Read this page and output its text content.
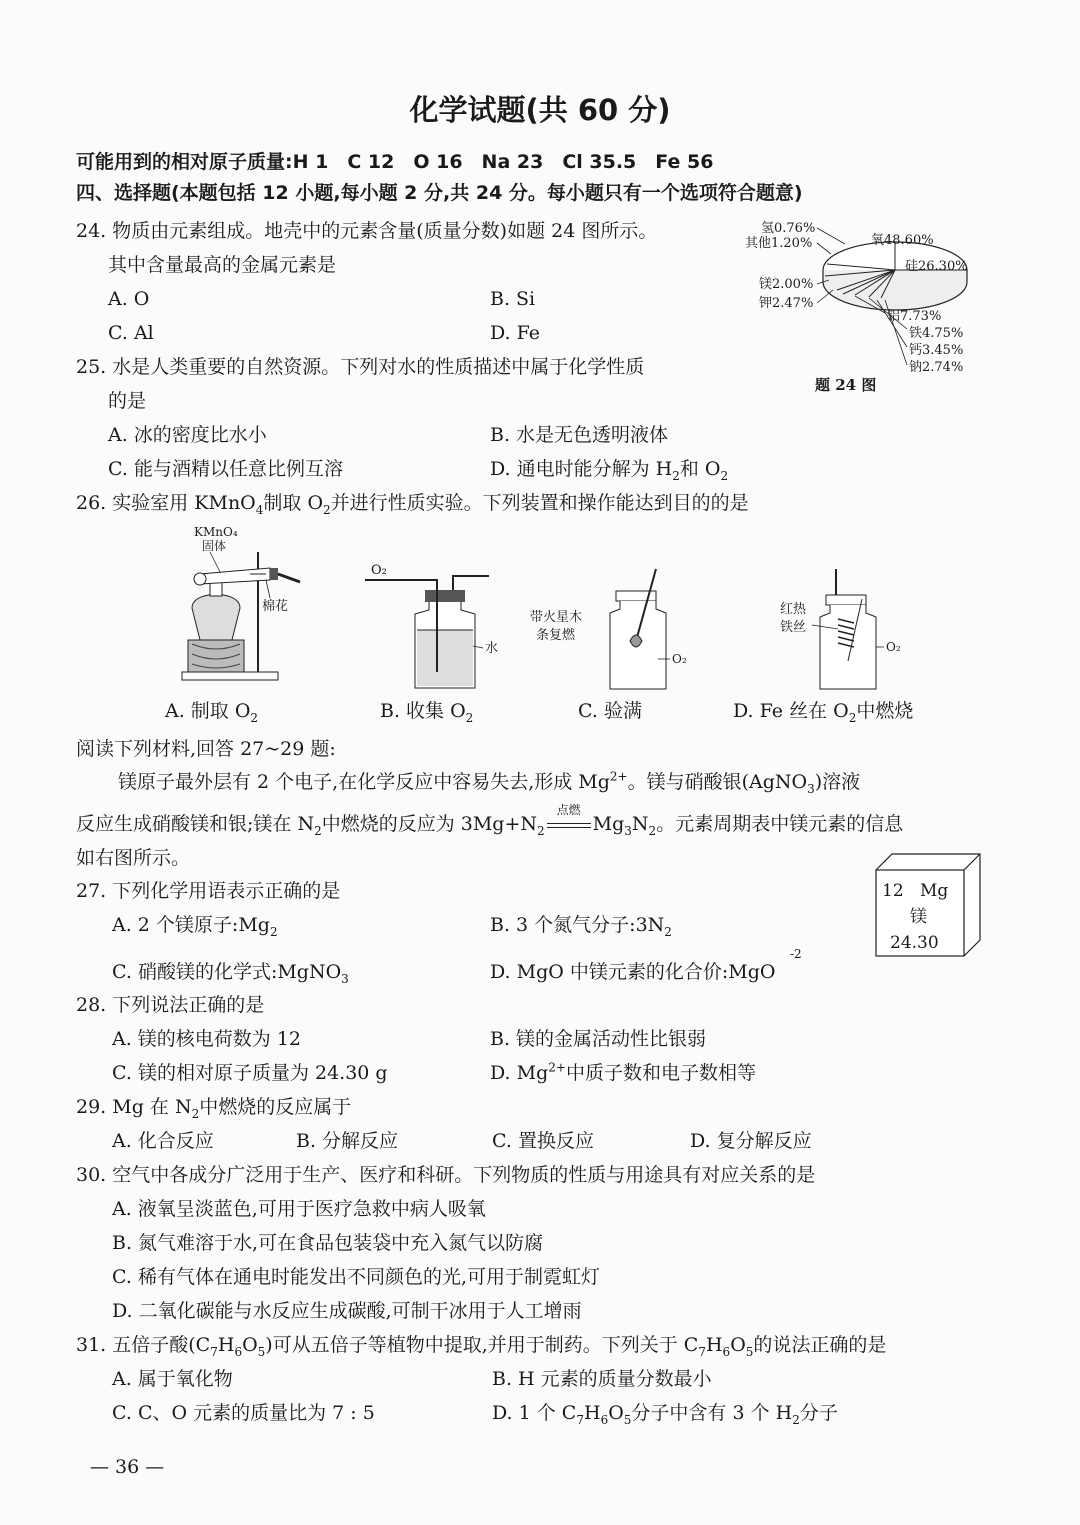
化学试题(共 60 分)
可能用到的相对原子质量:H 1　C 12　O 16　Na 23　Cl 35.5　Fe 56
四、选择题(本题包括 12 小题,每小题 2 分,共 24 分。每小题只有一个选项符合题意)
24. 物质由元素组成。地壳中的元素含量(质量分数)如题 24 图所示。
其中含量最高的金属元素是
A. O	B. Si
C. Al	D. Fe
氢0.76%
其他1.20%	氧48.60%
硅26.30%
镁2.00%
钾2.47%
铝7.73%
铁4.75%
钙3.45%
钠2.74%
题 24 图
25. 水是人类重要的自然资源。下列对水的性质描述中属于化学性质
的是
A. 冰的密度比水小	B. 水是无色透明液体
C. 能与酒精以任意比例互溶	D. 通电时能分解为 $H_2$和 $O_2$
26. 实验室用 KMnO$_4$制取 $O_2$并进行性质实验。下列装置和操作能达到目的的是
KMnO₄
固体
棉花
A. 制取 $O_2$
O₂
水
B. 收集 $O_2$
带火星木
条复燃
O₂
C. 验满
红热
铁丝
O₂
D. Fe 丝在 $O_2$中燃烧
阅读下列材料,回答 27~29 题:
镁原子最外层有 2 个电子,在化学反应中容易失去,形成 $Mg^{2+}$。镁与硝酸银(AgNO$_3$)溶液
反应生成硝酸镁和银;镁在 $N_2$中燃烧的反应为 $3Mg+N_2$
点燃
$Mg_3N_2$。元素周期表中镁元素的信息
如右图所示。
12 Mg
镁
24.30
27. 下列化学用语表示正确的是
A. 2 个镁原子$:Mg_2$	B. 3 个氮气分子$:3N_2$
C. 硝酸镁的化学式:MgNO$_3$	D. MgO 中镁元素的化合价:MgO
-2
28. 下列说法正确的是
A. 镁的核电荷数为 12	B. 镁的金属活动性比银弱
C. 镁的相对原子质量为 24.30 g	D. $Mg^{2+}$中质子数和电子数相等
29. Mg 在 $N_2$中燃烧的反应属于
A. 化合反应	B. 分解反应	C. 置换反应	D. 复分解反应
30. 空气中各成分广泛用于生产、医疗和科研。下列物质的性质与用途具有对应关系的是
A. 液氧呈淡蓝色,可用于医疗急救中病人吸氧
B. 氮气难溶于水,可在食品包装袋中充入氮气以防腐
C. 稀有气体在通电时能发出不同颜色的光,可用于制霓虹灯
D. 二氧化碳能与水反应生成碳酸,可制干冰用于人工增雨
31. 五倍子酸$(C_7H_6O_5)$可从五倍子等植物中提取,并用于制药。下列关于 $C_7H_6O_5$的说法正确的是
A. 属于氧化物	B. H 元素的质量分数最小
C. C、O 元素的质量比为 7 : 5	D. 1 个 $C_7H_6O_5$分子中含有 3 个 $H_2$分子
— 36 —
